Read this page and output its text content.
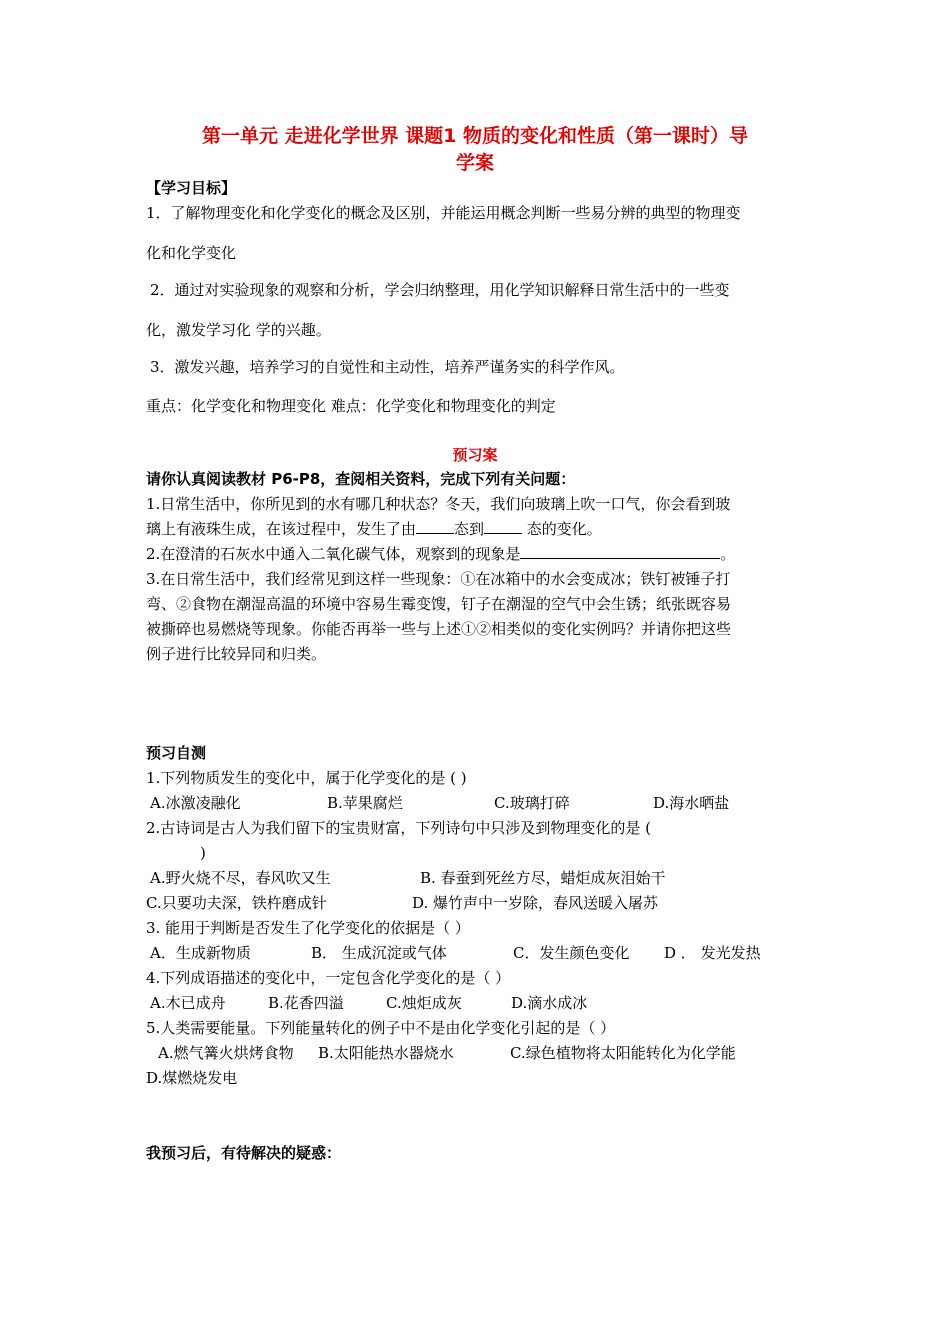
第一单元 走进化学世界 课题1 物质的变化和性质（第一课时）导
学案
【学习目标】
1．了解物理变化和化学变化的概念及区别，并能运用概念判断一些易分辨的典型的物理变
化和化学变化
2．通过对实验现象的观察和分析，学会归纳整理，用化学知识解释日常生活中的一些变
化，激发学习化 学的兴趣。
3．激发兴趣，培养学习的自觉性和主动性，培养严谨务实的科学作风。
重点：化学变化和物理变化 难点：化学变化和物理变化的判定
预习案
请你认真阅读教材 P6-P8，查阅相关资料，完成下列有关问题：
1.日常生活中，你所见到的水有哪几种状态？冬天，我们向玻璃上吹一口气，你会看到玻
璃上有液珠生成，在该过程中，发生了由	态到	态的变化。
2.在澄清的石灰水中通入二氧化碳气体，观察到的现象是	。
3.在日常生活中，我们经常见到这样一些现象：①在冰箱中的水会变成冰；铁钉被锤子打
弯、②食物在潮湿高温的环境中容易生霉变馊，钉子在潮湿的空气中会生锈；纸张既容易
被撕碎也易燃烧等现象。你能否再举一些与上述①②相类似的变化实例吗？并请你把这些
例子进行比较异同和归类。
预习自测
1.下列物质发生的变化中，属于化学变化的是 ( )
A.冰激凌融化	B.苹果腐烂	C.玻璃打碎	D.海水晒盐
2.古诗词是古人为我们留下的宝贵财富，下列诗句中只涉及到物理变化的是 (
)
A.野火烧不尽，春风吹又生	B. 春蚕到死丝方尽，蜡炬成灰泪始干
C.只要功夫深，铁杵磨成针	D. 爆竹声中一岁除，春风送暖入屠苏
3. 能用于判断是否发生了化学变化的依据是（ ）
A．生成新物质	B． 生成沉淀或气体	C．发生颜色变化 D ． 发光发热
4.下列成语描述的变化中，一定包含化学变化的是（ ）
A.木已成舟	B.花香四溢	C.烛炬成灰	D.滴水成冰
5.人类需要能量。下列能量转化的例子中不是由化学变化引起的是（ ）
A.燃气篝火烘烤食物 B.太阳能热水器烧水	C.绿色植物将太阳能转化为化学能
D.煤燃烧发电
我预习后，有待解决的疑惑：
